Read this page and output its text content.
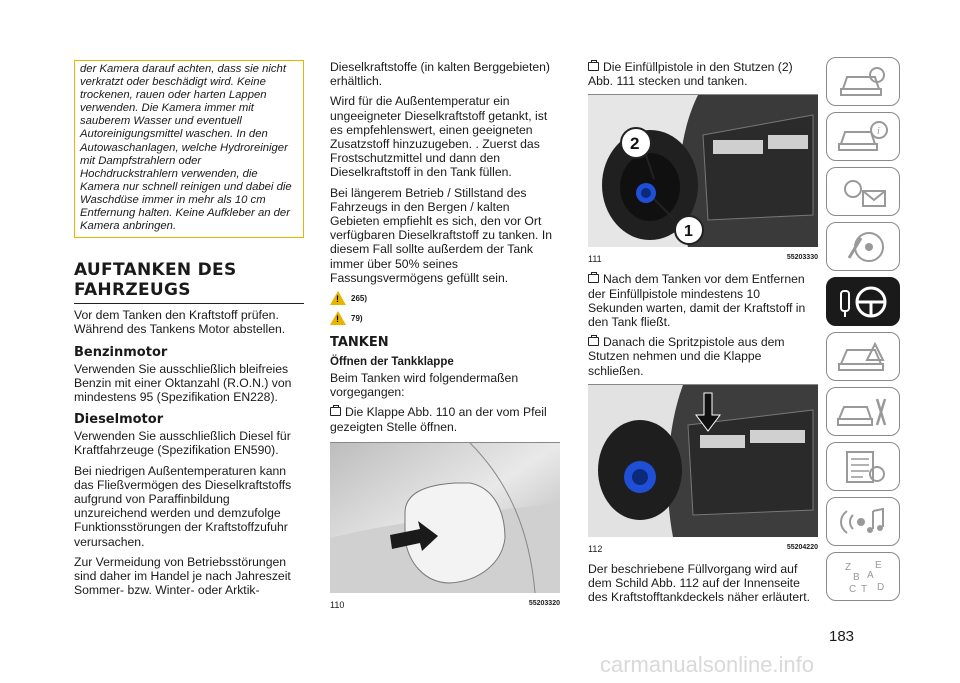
der Kamera darauf achten, dass sie nicht verkratzt oder beschädigt wird. Keine trockenen, rauen oder harten Lappen verwenden. Die Kamera immer mit sauberem Wasser und eventuell Autoreinigungsmittel waschen. In den Autowaschanlagen, welche Hydroreiniger mit Dampfstrahlern oder Hochdruckstrahlern verwenden, die Kamera nur schnell reinigen und dabei die Waschdüse immer in mehr als 10 cm Entfernung halten. Keine Aufkleber an der Kamera anbringen.
AUFTANKEN DES FAHRZEUGS

Vor dem Tanken den Kraftstoff prüfen. Während des Tankens Motor abstellen.

Benzinmotor

Verwenden Sie ausschließlich bleifreies Benzin mit einer Oktanzahl (R.O.N.) von mindestens 95 (Spezifikation EN228).

Dieselmotor

Verwenden Sie ausschließlich Diesel für Kraftfahrzeuge (Spezifikation EN590).

Bei niedrigen Außentemperaturen kann das Fließvermögen des Dieselkraftstoffs aufgrund von Paraffinbildung unzureichend werden und demzufolge Funktionsstörungen der Kraftstoffzufuhr verursachen.

Zur Vermeidung von Betriebsstörungen sind daher im Handel je nach Jahreszeit Sommer- bzw. Winter- oder Arktik-

Dieselkraftstoffe (in kalten Berggebieten) erhältlich.

Wird für die Außentemperatur ein ungeeigneter Dieselkraftstoff getankt, ist es empfehlenswert, einen geeigneten Zusatzstoff hinzuzugeben. . Zuerst das Frostschutzmittel und dann den Dieselkraftstoff in den Tank füllen.

Bei längerem Betrieb / Stillstand des Fahrzeugs in den Bergen / kalten Gebieten empfiehlt es sich, den vor Ort verfügbaren Dieselkraftstoff zu tanken. In diesem Fall sollte außerdem der Tank immer über 50% seines Fassungsvermögens gefüllt sein.

! 265)
! 79)
TANKEN
Öffnen der Tankklappe

Beim Tanken wird folgendermaßen vorgegangen:

Die Klappe Abb. 110 an der vom Pfeil gezeigten Stelle öffnen.

110	55203320

Die Einfüllpistole in den Stutzen (2) Abb. 111 stecken und tanken.

2
1
111	55203330

Nach dem Tanken vor dem Entfernen der Einfüllpistole mindestens 10 Sekunden warten, damit der Kraftstoff in den Tank fließt.

Danach die Spritzpistole aus dem Stutzen nehmen und die Klappe schließen.

112	55204220

Der beschriebene Füllvorgang wird auf dem Schild Abb. 112 auf der Innenseite des Kraftstofftankdeckels näher erläutert.

i
Z E
B A
C T D
183
carmanualsonline.info
